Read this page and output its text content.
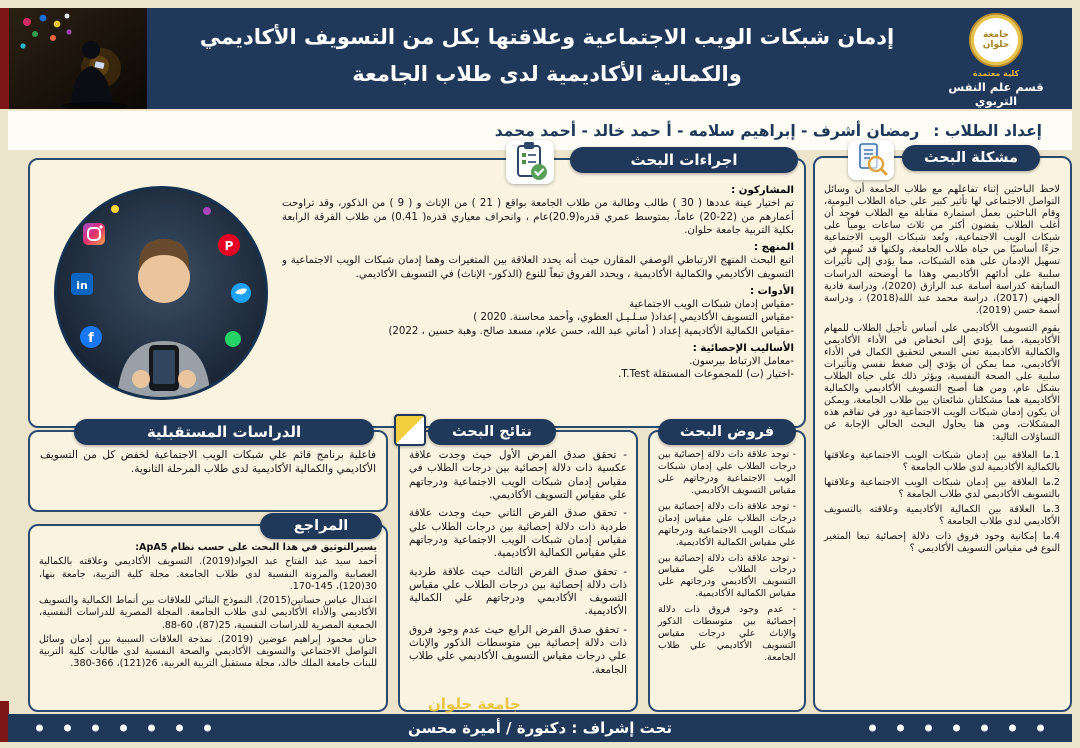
إدمان شبكات الويب الاجتماعية وعلاقتها بكل من التسويف الأكاديمي
والكمالية الأكاديمية لدى طلاب الجامعة
جامعة حلوان
كلية معتمدة
قسم علم النفس التربوي
إعداد الطلاب :
رمضان أشرف - إبراهيم سلامه - أ حمد خالد - أحمد محمد
مشكلة البحث

لاحظ الباحثين إثناء تفاعلهم مع طلاب الجامعة أن وسائل التواصل الاجتماعي لها تأثير كبير على حياة الطلاب اليومية، وقام الباحثين بعمل استمارة مقابلة مع الطلاب فوجد أن أغلب الطلاب يقضون أكثر من ثلاث ساعات يومياً على شبكات الويب الاجتماعية، وتُعد شبكات الويب الاجتماعية جزءًا أساسيًا من حياة طلاب الجامعة، ولكنها قد تُسهم في تسهيل الإدمان على هذه الشبكات، مما يؤدي إلى تأثيرات سلبية على أدائهم الأكاديمي وهذا ما أوضحته الدراسات السابقة كدراسة أسامة عبد الرازق (2020)، ودراسة فادية الجهني (2017)، دراسة محمد عبد الله(2018) ، ودراسة أسمة حسن (2019).

يقوم التسويف الأكاديمي على أساس تأجيل الطلاب للمهام الأكاديمية، مما يؤدي إلى انخفاض في الأداء الأكاديمي والكمالية الأكاديمية تعني السعي لتحقيق الكمال في الأداء الأكاديمي، مما يمكن أن يؤدي إلى ضغط نفسي وتأثيرات سلبية على الصحة النفسية، ويؤثر ذلك على حياة الطلاب بشكل عام، ومن هنا أصبح التسويف الأكاديمي والكمالية الأكاديمية هما مشكلتان شائعتان بين طلاب الجامعة، ويمكن أن يكون إدمان شبكات الويب الاجتماعية دور في تفاقم هذه المشكلات، ومن هنا يحاول البحث الحالي الإجابة عن التساؤلات التالية:

1.ما العلاقة بين إدمان شبكات الويب الاجتماعية وعلاقتها بالكمالية الأكاديمية لدى طلاب الجامعة ؟

2.ما العلاقة بين إدمان شبكات الويب الاجتماعية وعلاقتها بالتسويف الأكاديمي لدي طلاب الجامعة ؟

3.ما العلاقة بين الكمالية الأكاديمية وعلاقته بالتسويف الأكاديمي لدي طلاب الجامعة ؟

4.ما إمكانية وجود فروق ذات دلالة إحصائية تبعا المتغير النوع في مقياس التسويف الأكاديمي ؟

اجراءات البحث
in
f
P
المشاركون :
تم اختيار عينة عددها ( 30 ) طالب وطالبة من طلاب الجامعة بواقع ( 21 ) من الإناث و ( 9 ) من الذكور، وقد تراوحت أعمارهم من (22-20) عاماً، بمتوسط عمري قدره(20.9)عام ، وانحراف معياري قدره( 0.41) من طلاب الفرقة الرابعة بكلية التربية جامعة حلوان.
المنهج :
اتبع البحث المنهج الارتباطي الوصفي المقارن حيث أنه يحدد العلاقة بين المتغيرات وهما إدمان شبكات الويب الاجتماعية و التسويف الأكاديمي والكمالية الأكاديمية ، ويحدد الفروق تبعاً للنوع (الذكور- الإناث) في التسويف الأكاديمي.
الأدوات :
-مقياس إدمان شبكات الويب الاجتماعية
-مقياس التسويف الأكاديمي إعداد( سـلـيـل العطوي، وأحمد محاسنة. 2020 )
-مقياس الكمالية الأكاديمية إعداد ( أماني عبد الله، حسن علام، مسعد صالح. وهبة حسين ، 2022)
الأساليب الإحصائية :
-معامل الارتباط بيرسون.
-اختيار (ت) للمجموعات المستقلة T.Test.
الدراسات المستقبلية
فاعلية برنامج قائم علي شبكات الويب الاجتماعية لخفض كل من التسويف الأكاديمي والكمالية الأكاديمية لدى طلاب المرحلة الثانوية.
المراجع

يسيرالتوثيق في هذا البحث على حسب نظام ApA5:

أحمد سيد عبد الفتاح عبد الجواد(2019). التسويف الأكاديمي وعلاقته بالكمالية العصابية والمرونة النفسية لدى طلاب الجامعة. مجلة كلية التربية، جامعة بنها، 30(120)، 145-170.

اعتدال عباس حسانين(2015). النموذج البنائي للعلاقات بين أنماط الكمالية والتسويف الأكاديمي والأداء الأكاديمي لدى طلاب الجامعة. المجلة المصرية للدراسات النفسية، الجمعية المصرية للدراسات النفسية، 25(87)، 60-88.

حنان محمود إبراهيم عوضين (2019). نمذجة العلاقات السببية بين إدمان وسائل التواصل الاجتماعي والتسويف الأكاديمي والصحة النفسية لدى طالبات كلية التربية للبنات جامعة الملك خالد، مجلة مستقبل التربية العربية، 26(121)، 366-380.

نتائج البحث

- تحقق صدق الفرض الأول حيث وجدت علاقة عكسية ذات دلالة إحصائية بين درجات الطلاب في مقياس إدمان شبكات الويب الاجتماعية ودرجاتهم علي مقياس التسويف الأكاديمي.

- تحقق صدق الفرض الثاني حيث وجدت علاقة طردية ذات دلالة إحصائية بين درجات الطلاب علي مقياس إدمان شبكات الويب الاجتماعية ودرجاتهم علي مقياس الكمالية الأكاديمية.

- تحقق صدق الفرض الثالث حيث علاقة طردية ذات دلالة إحصائية بين درجات الطلاب علي مقياس التسويف الأكاديمي ودرجاتهم علي الكمالية الأكاديمية.

- تحقق صدق الفرض الرابع حيث عدم وجود فروق ذات دلالة إحصائية بين متوسطات الذكور والإناث علي درجات مقياس التسويف الأكاديمي علي طلاب الجامعة.

فروض البحث

- توجد علاقة ذات دلالة إحصائية بين درجات الطلاب علي إدمان شبكات الويب الاجتماعية ودرجاتهم علي مقياس التسويف الأكاديمي.

- توجد علاقة ذات دلالة إحصائية بين درجات الطلاب علي مقياس إدمان شبكات الويب الاجتماعية ودرجاتهم علي مقياس الكمالية الأكاديمية.

- توجد علاقة ذات دلالة إحصائية بين درجات الطلاب علي مقياس التسويف الأكاديمي ودرجاتهم علي مقياس الكمالية الأكاديمية.

- عدم وجود فروق ذات دلالة إحصائية بين متوسطات الذكور والإناث علي درجات مقياس التسويف الأكاديمي علي طلاب الجامعة.

جامعة حلوان
تحت إشراف : دكتورة / أميرة محسن
